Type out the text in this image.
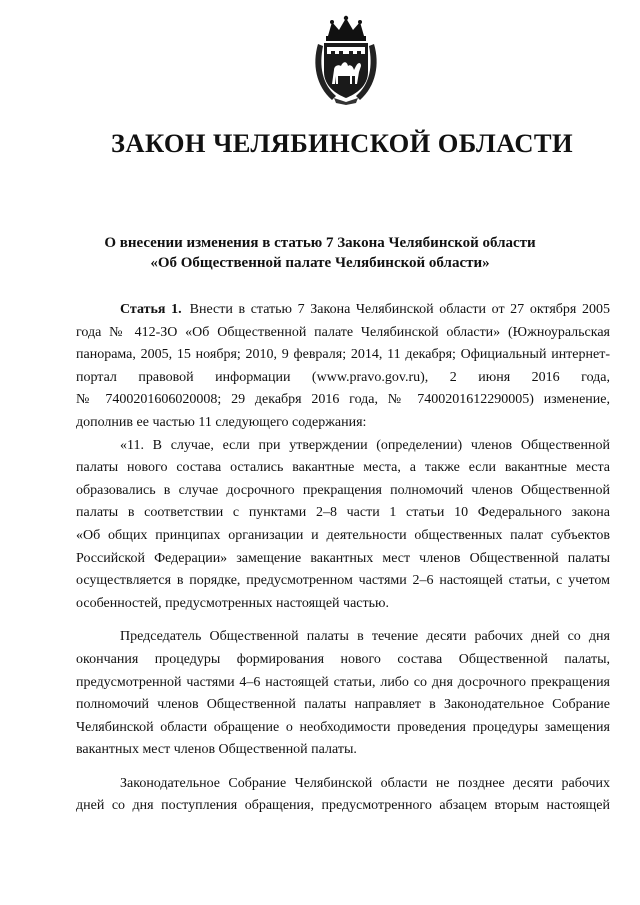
ЗАКОН ЧЕЛЯБИНСКОЙ ОБЛАСТИ
О внесении изменения в статью 7 Закона Челябинской области
«Об Общественной палате Челябинской области»
Статья 1. Внести в статью 7 Закона Челябинской области от 27 октября 2005
года № 412-ЗО «Об Общественной палате Челябинской области» (Южноуральская
панорама, 2005, 15 ноября; 2010, 9 февраля; 2014, 11 декабря; Официальный интернет-
портал правовой информации (www.pravo.gov.ru), 2 июня 2016 года,
№ 7400201606020008; 29 декабря 2016 года, № 7400201612290005) изменение,
дополнив ее частью 11 следующего содержания:
«11. В случае, если при утверждении (определении) членов Общественной
палаты нового состава остались вакантные места, а также если вакантные места
образовались в случае досрочного прекращения полномочий членов Общественной
палаты в соответствии с пунктами 2–8 части 1 статьи 10 Федерального закона
«Об общих принципах организации и деятельности общественных палат субъектов
Российской Федерации» замещение вакантных мест членов Общественной палаты
осуществляется в порядке, предусмотренном частями 2–6 настоящей статьи, с учетом
особенностей, предусмотренных настоящей частью.
Председатель Общественной палаты в течение десяти рабочих дней со дня
окончания процедуры формирования нового состава Общественной палаты,
предусмотренной частями 4–6 настоящей статьи, либо со дня досрочного прекращения
полномочий членов Общественной палаты направляет в Законодательное Собрание
Челябинской области обращение о необходимости проведения процедуры замещения
вакантных мест членов Общественной палаты.
Законодательное Собрание Челябинской области не позднее десяти рабочих
дней со дня поступления обращения, предусмотренного абзацем вторым настоящей
